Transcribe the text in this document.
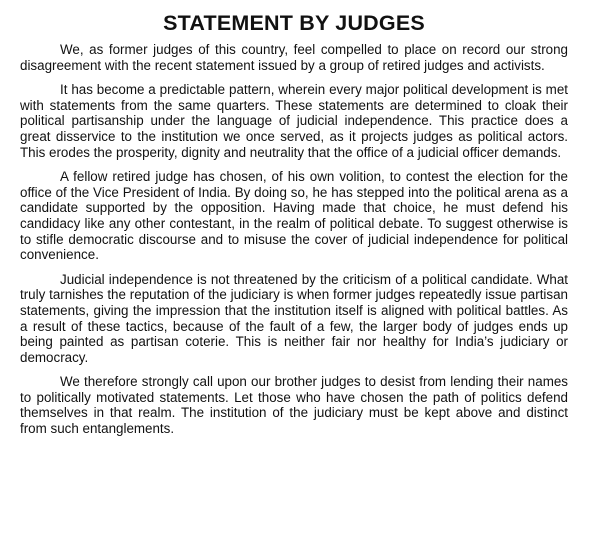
STATEMENT BY JUDGES

We, as former judges of this country, feel compelled to place on record our strong disagreement with the recent statement issued by a group of retired judges and activists.

It has become a predictable pattern, wherein every major political development is met with statements from the same quarters. These statements are determined to cloak their political partisanship under the language of judicial independence. This practice does a great disservice to the institution we once served, as it projects judges as political actors. This erodes the prosperity, dignity and neutrality that the office of a judicial officer demands.

A fellow retired judge has chosen, of his own volition, to contest the election for the office of the Vice President of India. By doing so, he has stepped into the political arena as a candidate supported by the opposition. Having made that choice, he must defend his candidacy like any other contestant, in the realm of political debate. To suggest otherwise is to stifle democratic discourse and to misuse the cover of judicial independence for political convenience.

Judicial independence is not threatened by the criticism of a political candidate. What truly tarnishes the reputation of the judiciary is when former judges repeatedly issue partisan statements, giving the impression that the institution itself is aligned with political battles. As a result of these tactics, because of the fault of a few, the larger body of judges ends up being painted as partisan coterie. This is neither fair nor healthy for India’s judiciary or democracy.

We therefore strongly call upon our brother judges to desist from lending their names to politically motivated statements. Let those who have chosen the path of politics defend themselves in that realm. The institution of the judiciary must be kept above and distinct from such entanglements.
